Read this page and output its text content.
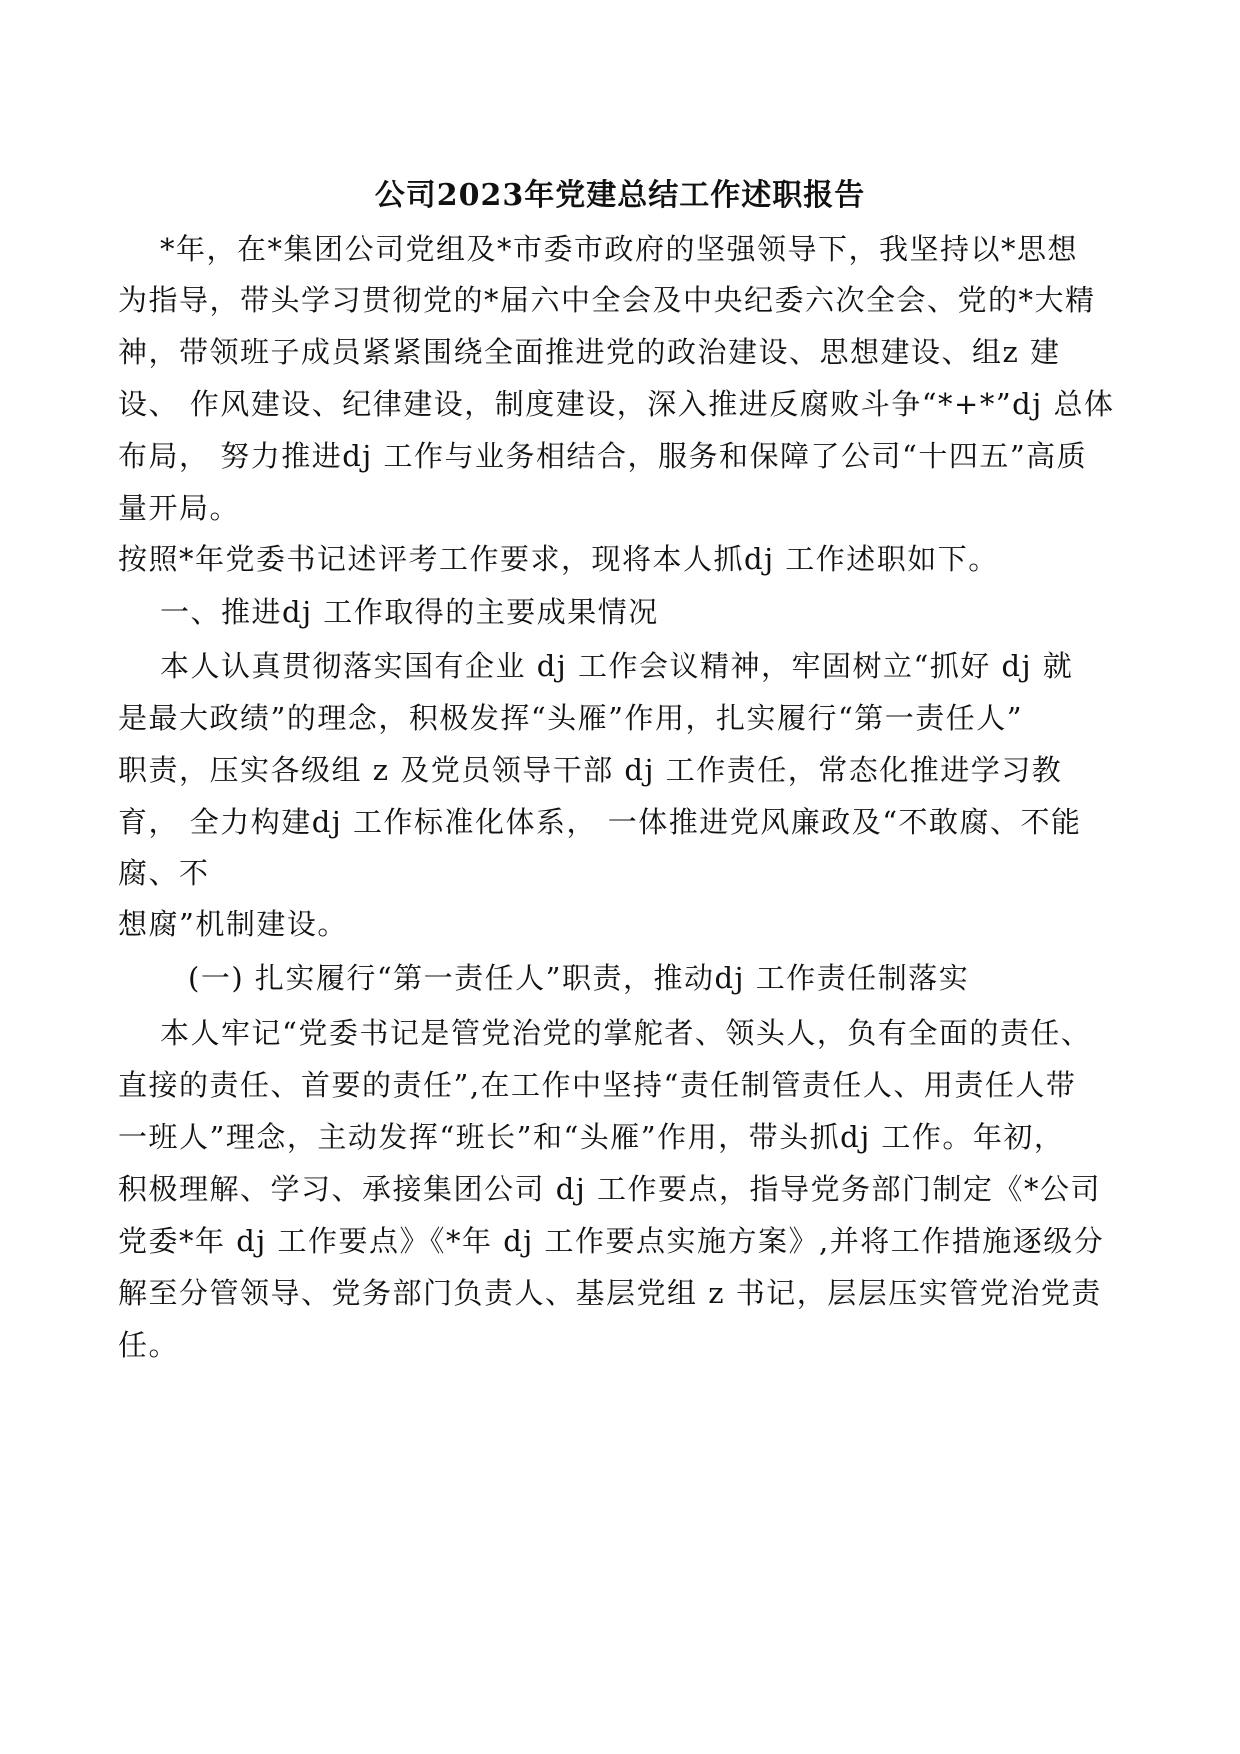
公司2023年党建总结工作述职报告

*年，在*集团公司党组及*市委市政府的坚强领导下，我坚持以*思想

为指导，带头学习贯彻党的*届六中全会及中央纪委六次全会、党的*大精

神，带领班子成员紧紧围绕全面推进党的政治建设、思想建设、组z 建

设、 作风建设、纪律建设，制度建设，深入推进反腐败斗争“*+*”dj 总体

布局， 努力推进dj 工作与业务相结合，服务和保障了公司“十四五”高质

量开局。

按照*年党委书记述评考工作要求，现将本人抓dj 工作述职如下。

一、推进dj 工作取得的主要成果情况

本人认真贯彻落实国有企业 dj 工作会议精神，牢固树立“抓好 dj 就

是最大政绩”的理念，积极发挥“头雁”作用，扎实履行“第一责任人”

职责，压实各级组 z 及党员领导干部 dj 工作责任，常态化推进学习教

育， 全力构建dj 工作标准化体系， 一体推进党风廉政及“不敢腐、不能

腐、不

想腐”机制建设。

(一) 扎实履行“第一责任人”职责，推动dj 工作责任制落实

本人牢记“党委书记是管党治党的掌舵者、领头人，负有全面的责任、

直接的责任、首要的责任”,在工作中坚持“责任制管责任人、用责任人带

一班人”理念，主动发挥“班长”和“头雁”作用，带头抓dj 工作。年初，

积极理解、学习、承接集团公司 dj 工作要点，指导党务部门制定《*公司

党委*年 dj 工作要点》《*年 dj 工作要点实施方案》,并将工作措施逐级分

解至分管领导、党务部门负责人、基层党组 z 书记，层层压实管党治党责

任。
